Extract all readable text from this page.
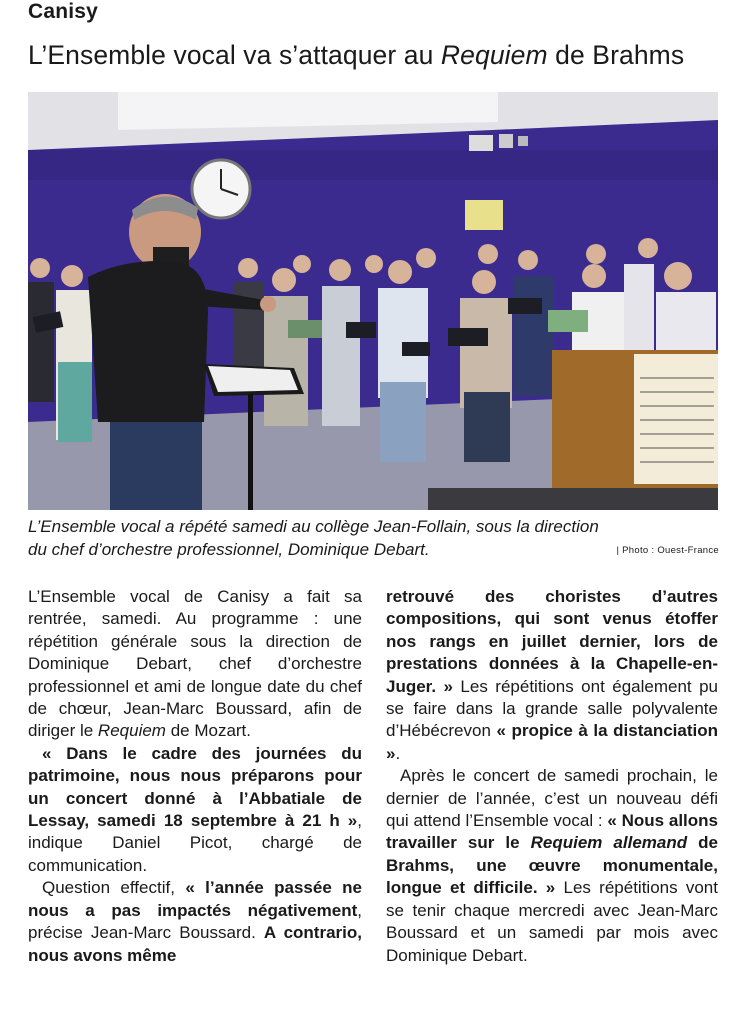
Canisy
L’Ensemble vocal va s’attaquer au Requiem de Brahms
L’Ensemble vocal a répété samedi au collège Jean-Follain, sous la direction
du chef d’orchestre professionnel, Dominique Debart.	| Photo : Ouest-France

L’Ensemble vocal de Canisy a fait sa rentrée, samedi. Au programme : une répétition générale sous la direction de Dominique Debart, chef d’orchestre professionnel et ami de longue date du chef de chœur, Jean-Marc Boussard, afin de diriger le Requiem de Mozart.

« Dans le cadre des journées du patrimoine, nous nous préparons pour un concert donné à l’Abbatiale de Lessay, samedi 18 septembre à 21 h », indique Daniel Picot, chargé de communication.

Question effectif, « l’année passée ne nous a pas impactés négativement, précise Jean-Marc Boussard. A contrario, nous avons même

retrouvé des choristes d’autres compositions, qui sont venus étoffer nos rangs en juillet dernier, lors de prestations données à la Chapelle-en-Juger. » Les répétitions ont également pu se faire dans la grande salle polyvalente d’Hébécrevon « propice à la distanciation ».

Après le concert de samedi prochain, le dernier de l’année, c’est un nouveau défi qui attend l’Ensemble vocal : « Nous allons travailler sur le Requiem allemand de Brahms, une œuvre monumentale, longue et difficile. » Les répétitions vont se tenir chaque mercredi avec Jean-Marc Boussard et un samedi par mois avec Dominique Debart.
